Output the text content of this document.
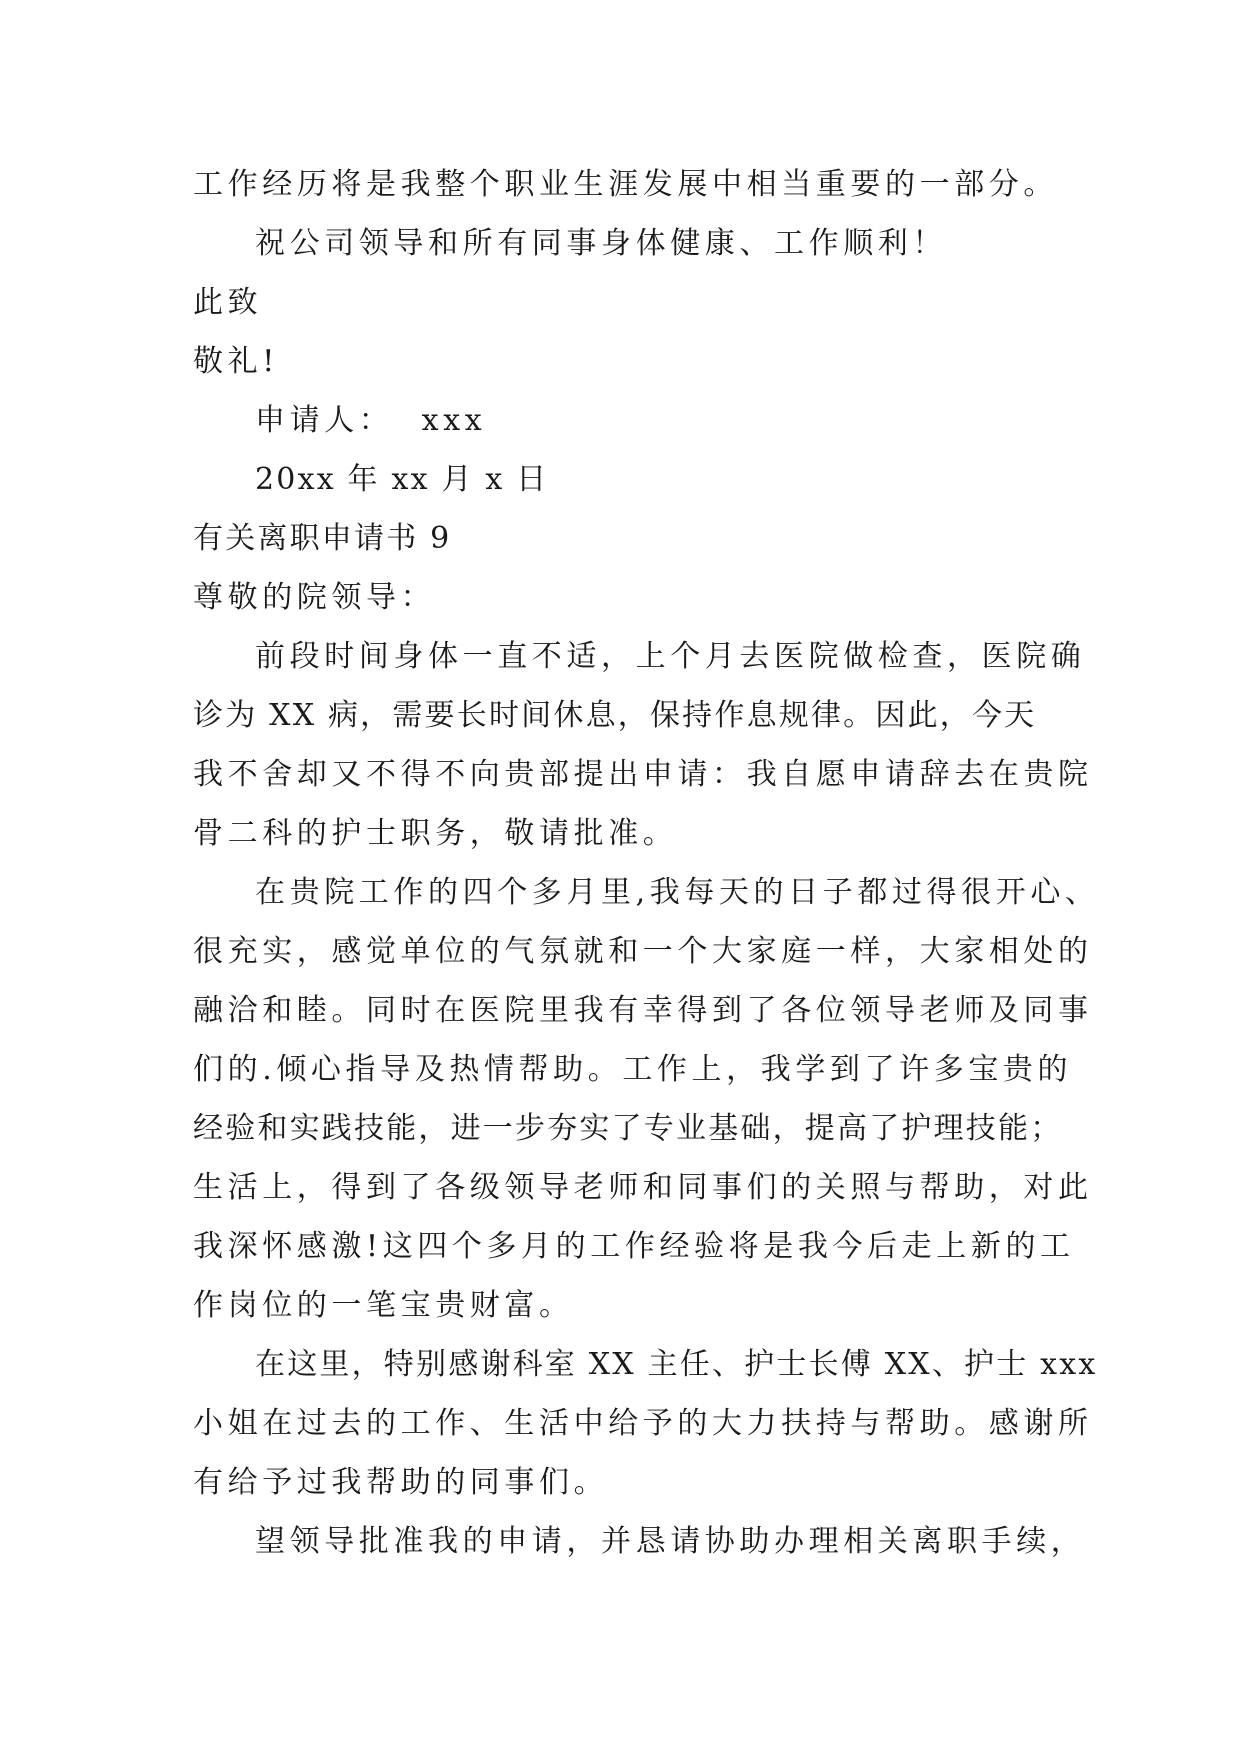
工作经历将是我整个职业生涯发展中相当重要的一部分。

祝公司领导和所有同事身体健康、工作顺利！

此致

敬礼!

申请人：  xxx

20xx 年 xx 月 x 日

有关离职申请书 9

尊敬的院领导：

前段时间身体一直不适，上个月去医院做检查，医院确

诊为 XX 病，需要长时间休息，保持作息规律。因此，今天

我不舍却又不得不向贵部提出申请：我自愿申请辞去在贵院

骨二科的护士职务，敬请批准。

在贵院工作的四个多月里,我每天的日子都过得很开心、

很充实，感觉单位的气氛就和一个大家庭一样，大家相处的

融洽和睦。同时在医院里我有幸得到了各位领导老师及同事

们的.倾心指导及热情帮助。工作上，我学到了许多宝贵的

经验和实践技能，进一步夯实了专业基础，提高了护理技能；

生活上，得到了各级领导老师和同事们的关照与帮助，对此

我深怀感激!这四个多月的工作经验将是我今后走上新的工

作岗位的一笔宝贵财富。

在这里，特别感谢科室 XX 主任、护士长傅 XX、护士 xxx

小姐在过去的工作、生活中给予的大力扶持与帮助。感谢所

有给予过我帮助的同事们。

望领导批准我的申请，并恳请协助办理相关离职手续，
